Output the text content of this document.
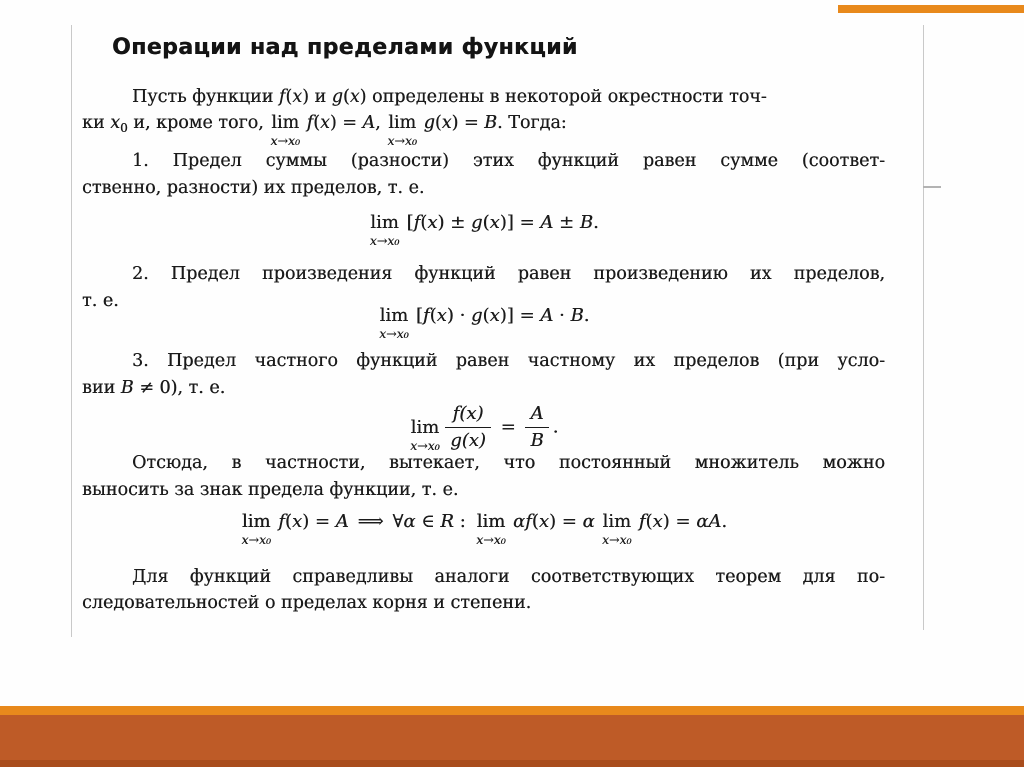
Операции над пределами функций
Пусть функции f(x) и g(x) определены в некоторой окрестности точ-
ки $x_0$ и, кроме того, lim
x→x₀
f(x) = A, lim
x→x₀
g(x) = B. Тогда:
1. Предел суммы (разности) этих функций равен сумме (соответ-
ственно, разности) их пределов, т. е.
lim
x→x₀
[f(x) ± g(x)] = A ± B.
2. Предел произведения функций равен произведению их пределов,
т. е.
lim
x→x₀
[f(x) · g(x)] = A · B.
3. Предел частного функций равен частному их пределов (при усло-
вии B ≠ 0), т. е.
lim
$x\to x_0 \frac{f(x)}{g(x)} = \frac{A}{B}$ .
Отсюда, в частности, вытекает, что постоянный множитель можно
выносить за знак предела функции, т. е.
lim
x→x₀
f(x) = A ⟹ ∀α ∈ R : lim
x→x₀
αf(x) = α lim
x→x₀
f(x) = αA.
Для функций справедливы аналоги соответствующих теорем для по-
следовательностей о пределах корня и степени.
